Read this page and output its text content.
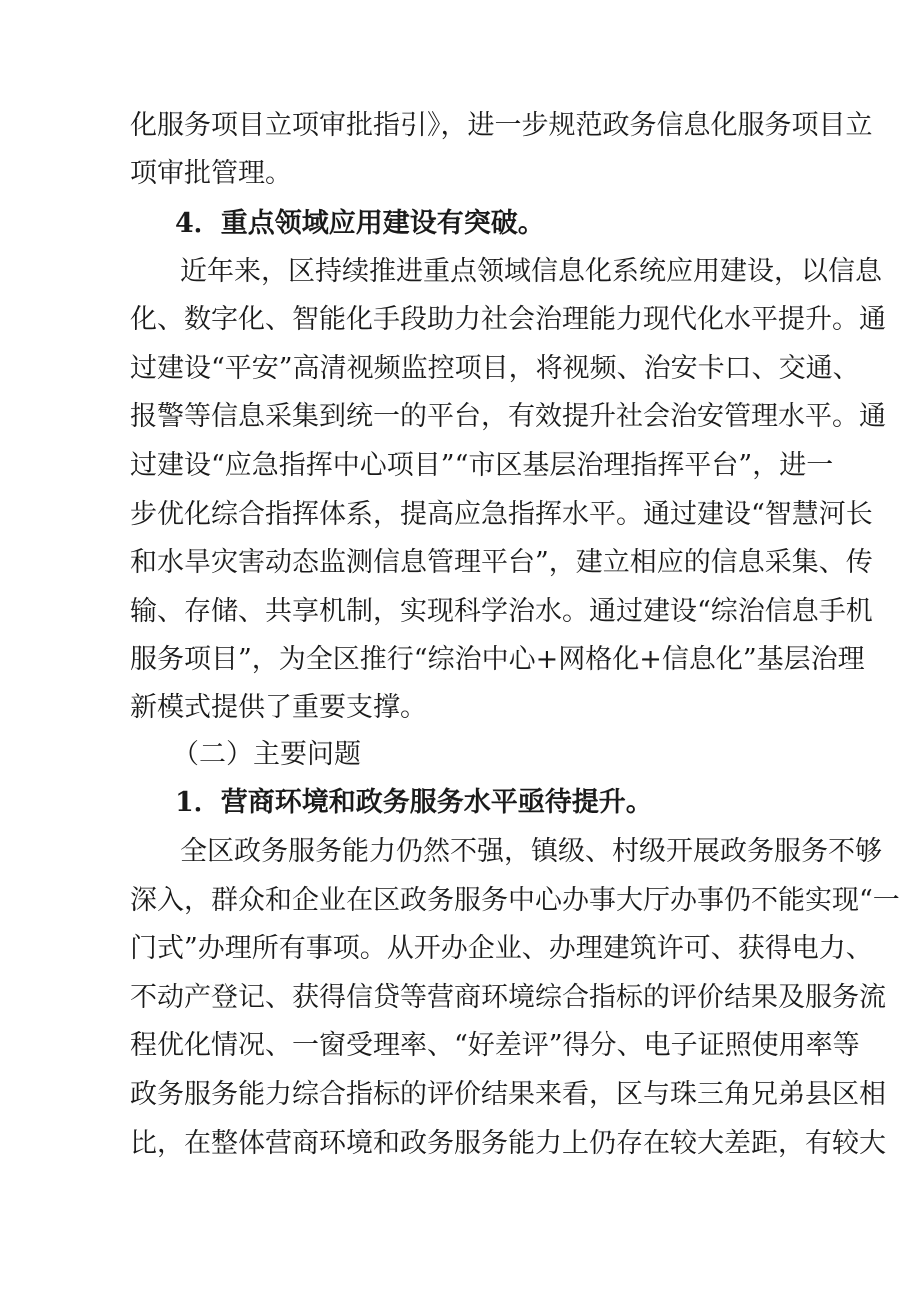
化服务项目立项审批指引》，进一步规范政务信息化服务项目立
项审批管理。
4．重点领域应用建设有突破。
近年来，区持续推进重点领域信息化系统应用建设，以信息
化、数字化、智能化手段助力社会治理能力现代化水平提升。通
过建设“平安”高清视频监控项目，将视频、治安卡口、交通、
报警等信息采集到统一的平台，有效提升社会治安管理水平。通
过建设“应急指挥中心项目”“市区基层治理指挥平台”，进一
步优化综合指挥体系，提高应急指挥水平。通过建设“智慧河长
和水旱灾害动态监测信息管理平台”，建立相应的信息采集、传
输、存储、共享机制，实现科学治水。通过建设“综治信息手机
服务项目”，为全区推行“综治中心+网格化+信息化”基层治理
新模式提供了重要支撑。
（二）主要问题
1．营商环境和政务服务水平亟待提升。
全区政务服务能力仍然不强，镇级、村级开展政务服务不够
深入，群众和企业在区政务服务中心办事大厅办事仍不能实现“一
门式”办理所有事项。从开办企业、办理建筑许可、获得电力、
不动产登记、获得信贷等营商环境综合指标的评价结果及服务流
程优化情况、一窗受理率、“好差评”得分、电子证照使用率等
政务服务能力综合指标的评价结果来看，区与珠三角兄弟县区相
比，在整体营商环境和政务服务能力上仍存在较大差距，有较大
